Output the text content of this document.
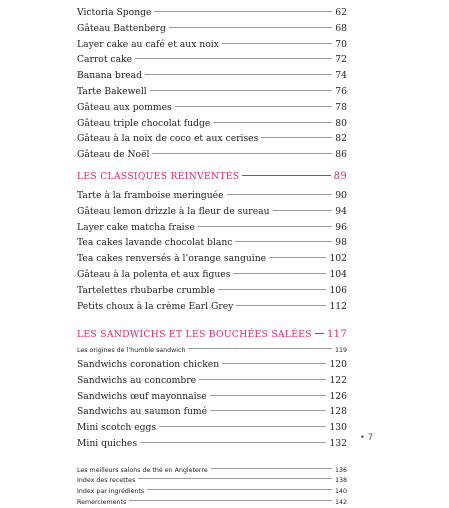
Victoria Sponge	62
Gâteau Battenberg	68
Layer cake au café et aux noix	70
Carrot cake	72
Banana bread	74
Tarte Bakewell	76
Gâteau aux pommes	78
Gâteau triple chocolat fudge	80
Gâteau à la noix de coco et aux cerises	82
Gâteau de Noël	86
LES CLASSIQUES RÉINVENTÉS	89
Tarte à la framboise meringuée	90
Gâteau lemon drizzle à la fleur de sureau	94
Layer cake matcha fraise	96
Tea cakes lavande chocolat blanc	98
Tea cakes renversés à l’orange sanguine	102
Gâteau à la polenta et aux figues	104
Tartelettes rhubarbe crumble	106
Petits choux à la crème Earl Grey	112
LES SANDWICHS ET LES BOUCHÉES SALÉES 117
Les origines de l’humble sandwich	119
Sandwichs coronation chicken	120
Sandwichs au concombre	122
Sandwichs œuf mayonnaise	126
Sandwichs au saumon fumé	128
Mini scotch eggs	130
Mini quiches	132
Les meilleurs salons de thé en Angleterre	136
Index des recettes	138
Index par ingrédients	140
Remerciements	142
• 7
